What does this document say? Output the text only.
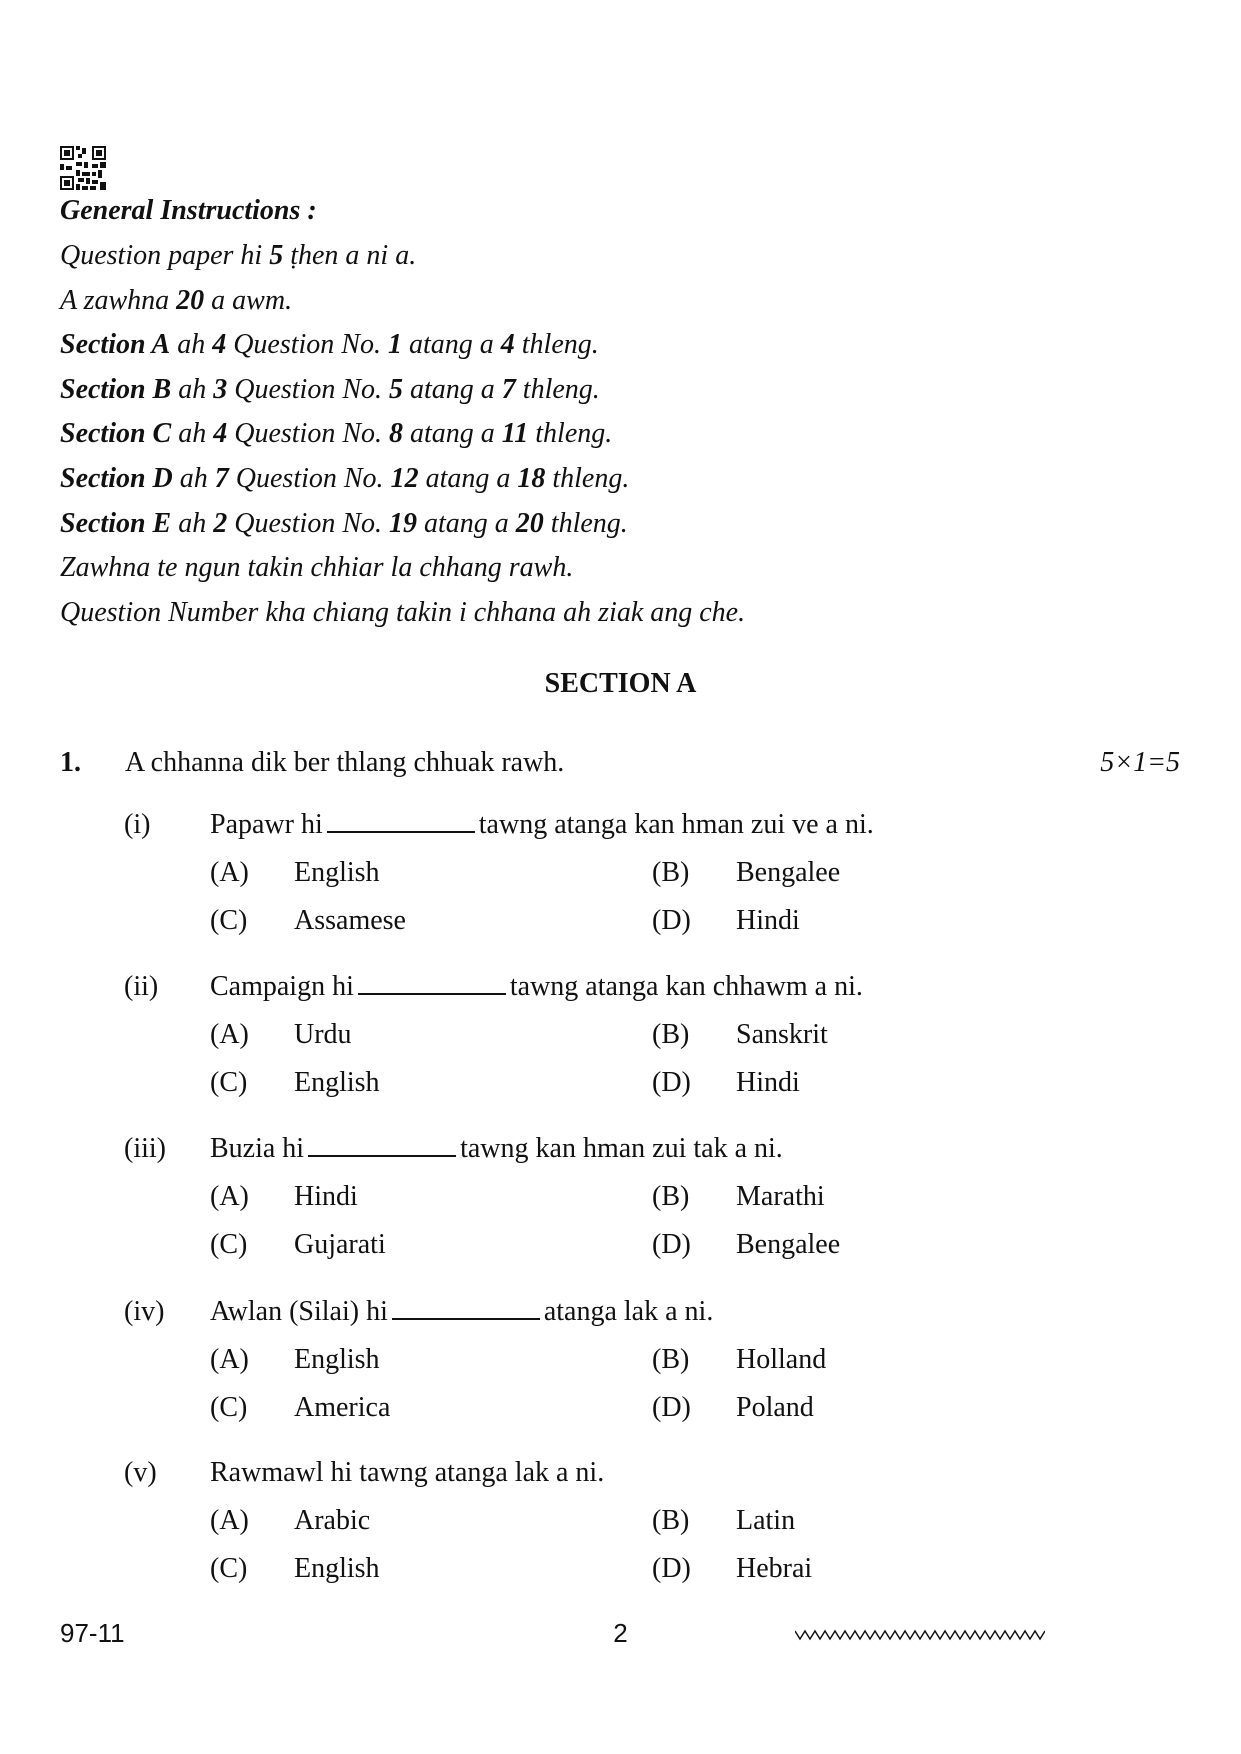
General Instructions :
Question paper hi 5 ṭhen a ni a.
A zawhna 20 a awm.
Section A ah 4 Question No. 1 atang a 4 thleng.
Section B ah 3 Question No. 5 atang a 7 thleng.
Section C ah 4 Question No. 8 atang a 11 thleng.
Section D ah 7 Question No. 12 atang a 18 thleng.
Section E ah 2 Question No. 19 atang a 20 thleng.
Zawhna te ngun takin chhiar la chhang rawh.
Question Number kha chiang takin i chhana ah ziak ang che.
SECTION A
1. A chhanna dik ber thlang chhuak rawh.	5×1=5
(i) Papawr hi	tawng atanga kan hman zui ve a ni.
(A) English	(B) Bengalee
(C) Assamese	(D) Hindi
(ii) Campaign hi	tawng atanga kan chhawm a ni.
(A) Urdu	(B) Sanskrit
(C) English	(D) Hindi
(iii) Buzia hi	tawng kan hman zui tak a ni.
(A) Hindi	(B) Marathi
(C) Gujarati	(D) Bengalee
(iv) Awlan (Silai) hi	atanga lak a ni.
(A) English	(B) Holland
(C) America	(D) Poland
(v) Rawmawl hi tawng atanga lak a ni.
(A) Arabic	(B) Latin
(C) English	(D) Hebrai
97-11	2
